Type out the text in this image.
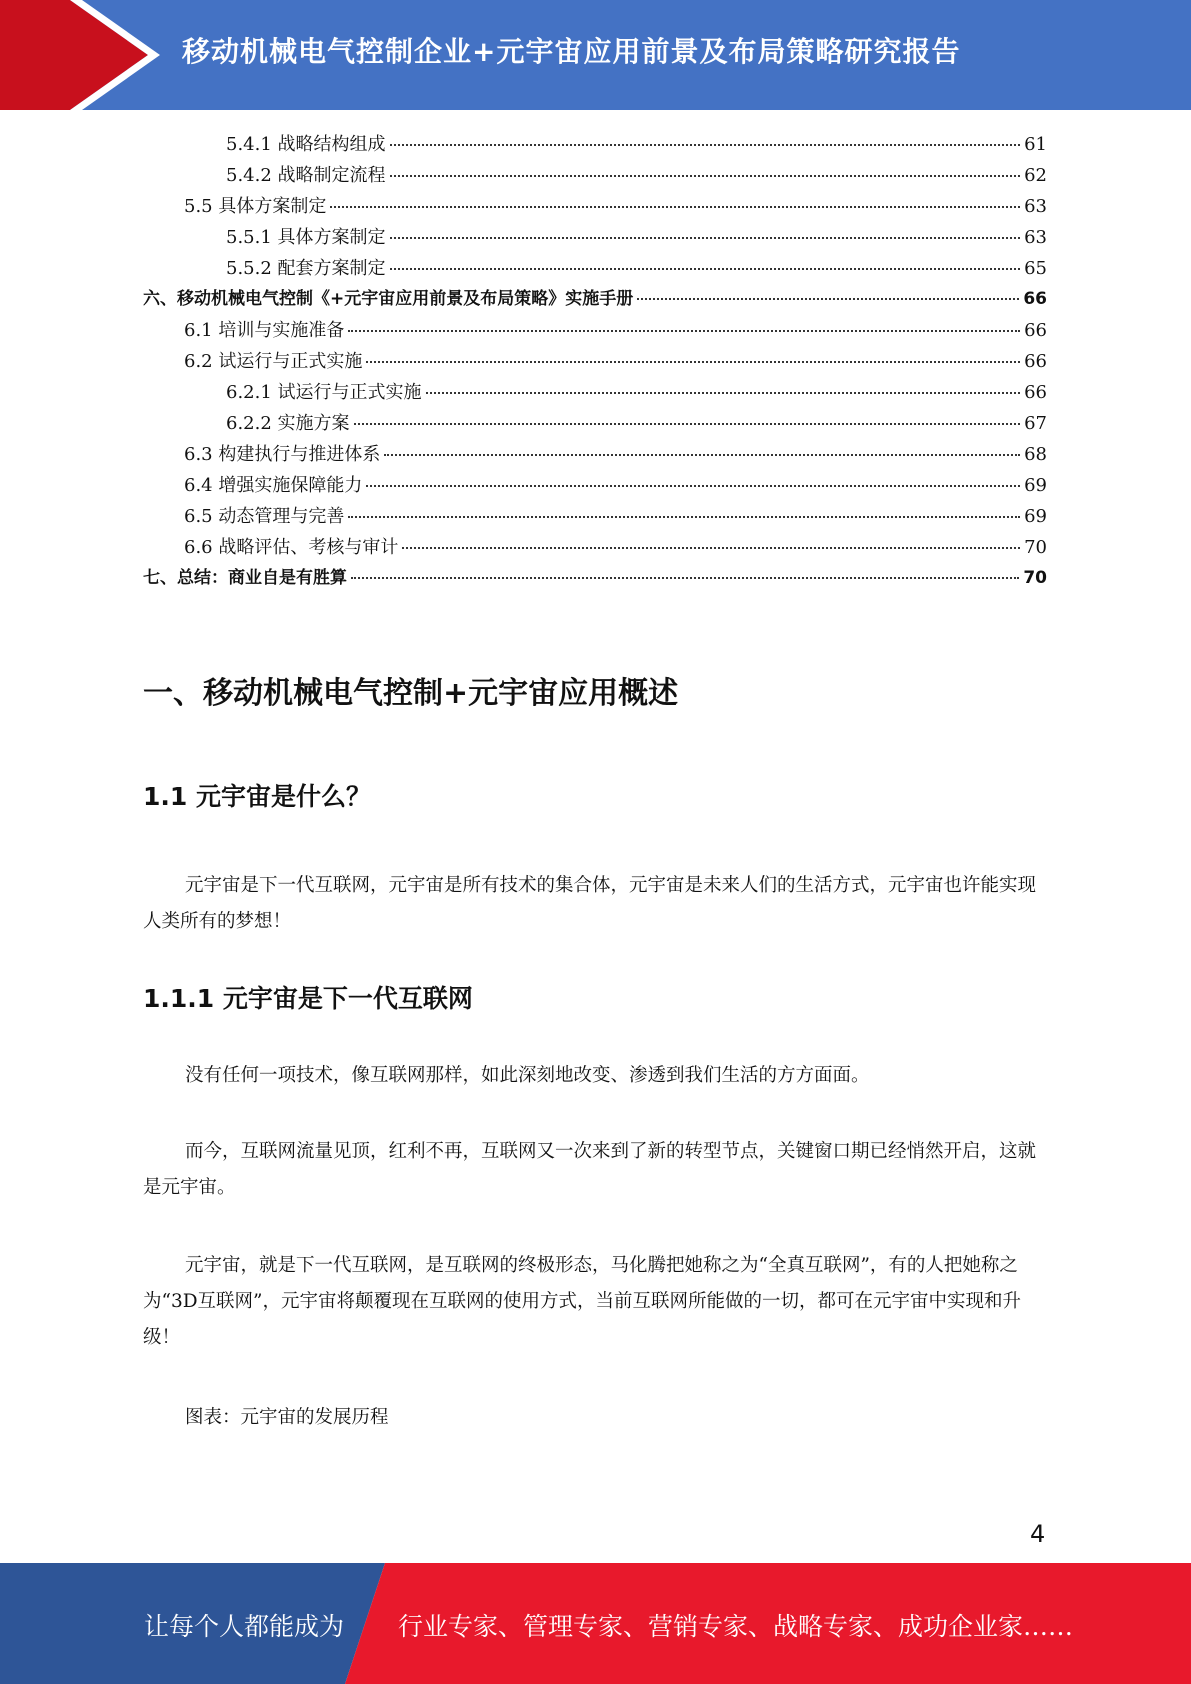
移动机械电气控制企业+元宇宙应用前景及布局策略研究报告
5.4.1 战略结构组成	61
5.4.2 战略制定流程	62
5.5 具体方案制定	63
5.5.1 具体方案制定	63
5.5.2 配套方案制定	65
六、移动机械电气控制《+元宇宙应用前景及布局策略》实施手册	66
6.1 培训与实施准备	66
6.2 试运行与正式实施	66
6.2.1 试运行与正式实施	66
6.2.2 实施方案	67
6.3 构建执行与推进体系	68
6.4 增强实施保障能力	69
6.5 动态管理与完善	69
6.6 战略评估、考核与审计	70
七、总结：商业自是有胜算	70
一、移动机械电气控制+元宇宙应用概述
1.1 元宇宙是什么？

元宇宙是下一代互联网，元宇宙是所有技术的集合体，元宇宙是未来人们的生活方式，元宇宙也许能实现人类所有的梦想！

1.1.1 元宇宙是下一代互联网

没有任何一项技术，像互联网那样，如此深刻地改变、渗透到我们生活的方方面面。

而今，互联网流量见顶，红利不再，互联网又一次来到了新的转型节点，关键窗口期已经悄然开启，这就是元宇宙。

元宇宙，就是下一代互联网，是互联网的终极形态，马化腾把她称之为“全真互联网”，有的人把她称之为“3D互联网”，元宇宙将颠覆现在互联网的使用方式，当前互联网所能做的一切，都可在元宇宙中实现和升级！

图表：元宇宙的发展历程

4
让每个人都能成为 行业专家、管理专家、营销专家、战略专家、成功企业家……
